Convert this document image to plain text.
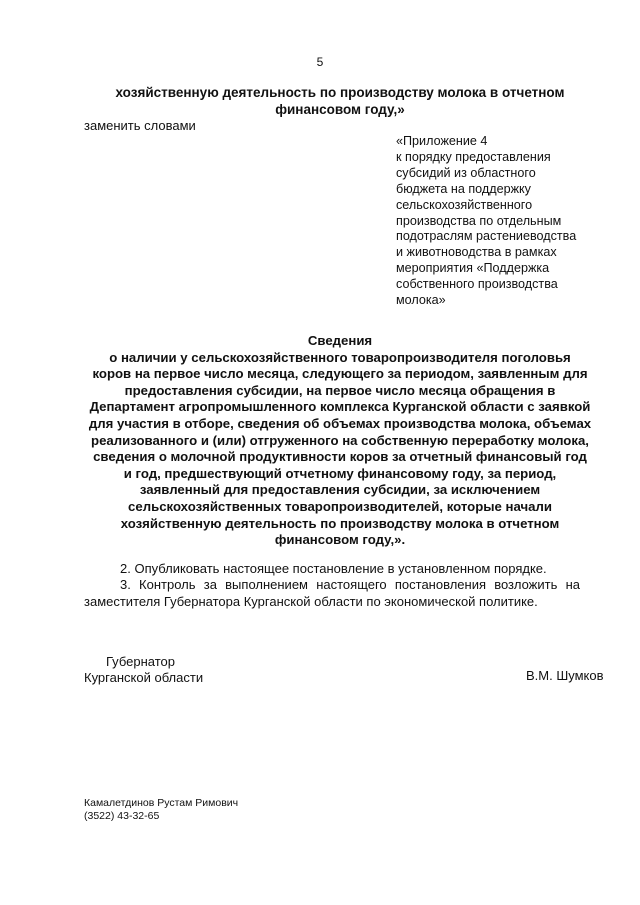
5
хозяйственную деятельность по производству молока в отчетном
финансовом году,»
заменить словами
«Приложение 4
к порядку предоставления
субсидий из областного
бюджета на поддержку
сельскохозяйственного
производства по отдельным
подотраслям растениеводства
и животноводства в рамках
мероприятия «Поддержка
собственного производства
молока»
Сведения
о наличии у сельскохозяйственного товаропроизводителя поголовья
коров на первое число месяца, следующего за периодом, заявленным для
предоставления субсидии, на первое число месяца обращения в
Департамент агропромышленного комплекса Курганской области с заявкой
для участия в отборе, сведения об объемах производства молока, объемах
реализованного и (или) отгруженного на собственную переработку молока,
сведения о молочной продуктивности коров за отчетный финансовый год
и год, предшествующий отчетному финансовому году, за период,
заявленный для предоставления субсидии, за исключением
сельскохозяйственных товаропроизводителей, которые начали
хозяйственную деятельность по производству молока в отчетном
финансовом году,».
2. Опубликовать настоящее постановление в установленном порядке.
3. Контроль за выполнением настоящего постановления возложить на
заместителя Губернатора Курганской области по экономической политике.
Губернатор
Курганской области	В.М. Шумков
Камалетдинов Рустам Римович
(3522) 43-32-65
